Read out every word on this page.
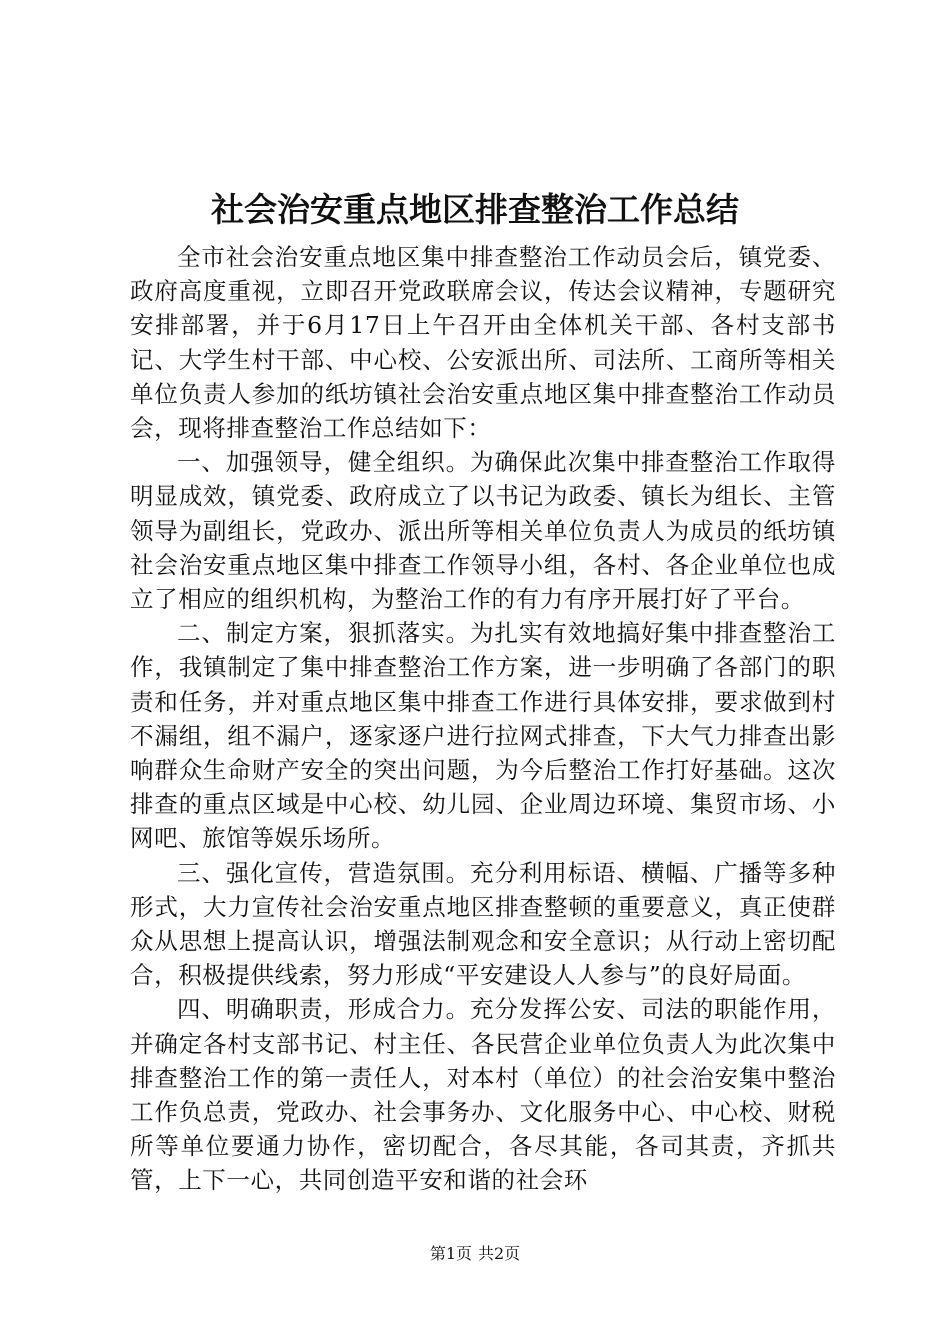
社会治安重点地区排查整治工作总结

全市社会治安重点地区集中排查整治工作动员会后，镇党委、政府高度重视，立即召开党政联席会议，传达会议精神，专题研究安排部署，并于6月17日上午召开由全体机关干部、各村支部书记、大学生村干部、中心校、公安派出所、司法所、工商所等相关单位负责人参加的纸坊镇社会治安重点地区集中排查整治工作动员会，现将排查整治工作总结如下：

一、加强领导，健全组织。为确保此次集中排查整治工作取得明显成效，镇党委、政府成立了以书记为政委、镇长为组长、主管领导为副组长，党政办、派出所等相关单位负责人为成员的纸坊镇社会治安重点地区集中排查工作领导小组，各村、各企业单位也成立了相应的组织机构，为整治工作的有力有序开展打好了平台。

二、制定方案，狠抓落实。为扎实有效地搞好集中排查整治工作，我镇制定了集中排查整治工作方案，进一步明确了各部门的职责和任务，并对重点地区集中排查工作进行具体安排，要求做到村不漏组，组不漏户，逐家逐户进行拉网式排查，下大气力排查出影响群众生命财产安全的突出问题，为今后整治工作打好基础。这次排查的重点区域是中心校、幼儿园、企业周边环境、集贸市场、小网吧、旅馆等娱乐场所。

三、强化宣传，营造氛围。充分利用标语、横幅、广播等多种形式，大力宣传社会治安重点地区排查整顿的重要意义，真正使群众从思想上提高认识，增强法制观念和安全意识；从行动上密切配合，积极提供线索，努力形成“平安建设人人参与”的良好局面。

四、明确职责，形成合力。充分发挥公安、司法的职能作用，并确定各村支部书记、村主任、各民营企业单位负责人为此次集中排查整治工作的第一责任人，对本村（单位）的社会治安集中整治工作负总责，党政办、社会事务办、文化服务中心、中心校、财税所等单位要通力协作，密切配合，各尽其能，各司其责，齐抓共管，上下一心，共同创造平安和谐的社会环

第1页 共2页
